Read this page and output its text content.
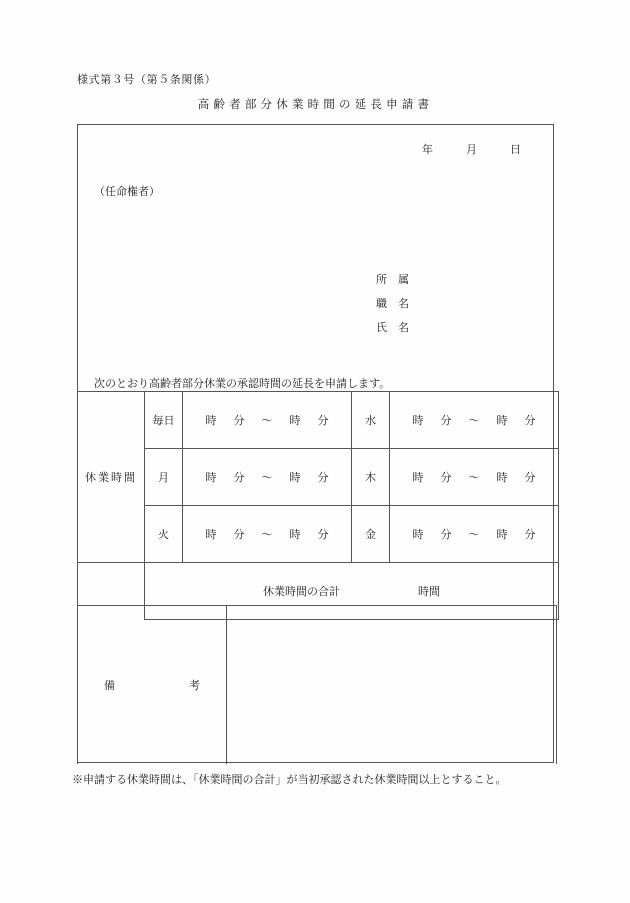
様式第３号（第５条関係）
高齢者部分休業時間の延長申請書
年	月	日
（任命権者）
所 属
職 名
氏 名
次のとおり高齢者部分休業の承認時間の延長を申請します。
休業時間	毎日	時 分 ～ 時 分	水	時 分 ～ 時 分

	月	時 分 ～ 時 分	木	時 分 ～ 時 分

	火	時 分 ～ 時 分	金	時 分 ～ 時 分

	休業時間の合計 時間			
備	考

※申請する休業時間は、「休業時間の合計」が当初承認された休業時間以上とすること。
